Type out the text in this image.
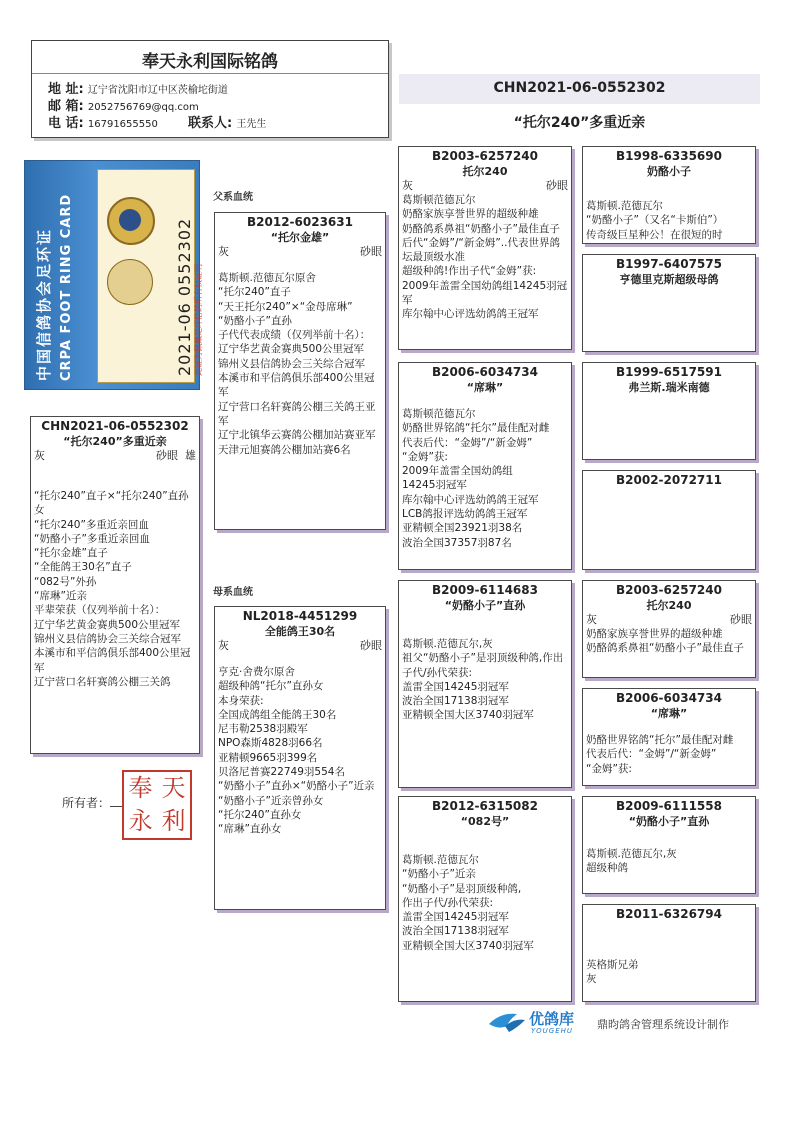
奉天永利国际铭鸽
地 址: 辽宁省沈阳市辽中区茨榆坨街道
邮 箱: 2052756769@qq.com
电 话: 16791655550 联系人: 王先生
CHN2021-06-0552302
“托尔240”多重近亲
中国信鸽协会足环证 CRPA FOOT RING CARD	2021-06 0552302 此证为佩戴足环信鸽所有权证明
CHN2021-06-0552302
“托尔240”多重近亲
灰	砂眼 雄
“托尔240”直子×“托尔240”直孙女
“托尔240”多重近亲回血
“奶酪小子”多重近亲回血
“托尔金雄”直子
“全能鸽王30名”直子
“082号”外孙
“席琳”近亲
平辈荣获（仅列举前十名）：
辽宁华艺黄金赛典500公里冠军
锦州义县信鸽协会三关综合冠军
本溪市和平信鸽俱乐部400公里冠军
辽宁营口名轩赛鸽公棚三关鸽
所有者：
奉 天
永 利
父系血统
母系血统
B2012-6023631
“托尔金雄”
灰	砂眼
葛斯顿.范德瓦尔原舍
“托尔240”直子
“天王托尔240”×“金母席琳”
“奶酪小子”直孙
子代代表成绩（仅列举前十名）：
辽宁华艺黄金赛典500公里冠军
锦州义县信鸽协会三关综合冠军
本溪市和平信鸽俱乐部400公里冠军
辽宁营口名轩赛鸽公棚三关鸽王亚军
辽宁北镇华云赛鸽公棚加站赛亚军
天津元旭赛鸽公棚加站赛6名
NL2018-4451299
全能鸽王30名
灰	砂眼
亨克·舍费尔原舍
超级种鸽“托尔”直孙女
本身荣获:
全国成鸽组全能鸽王30名
尼韦勒2538羽殿军
NPO森斯4828羽66名
亚精顿9665羽399名
贝洛尼普赛22749羽554名
“奶酪小子”直孙×“奶酪小子”近亲
“奶酪小子”近亲曾孙女
“托尔240”直孙女
“席琳”直孙女
B2003-6257240
托尔240
灰	砂眼
葛斯顿范德瓦尔
奶酪家族享誉世界的超级种雄
奶酪鸽系鼻祖“奶酪小子”最佳直子
后代“金姆”/“新金姆”..代表世界鸽坛最顶级水准
超级种鸽!作出子代“金姆”获:
2009年盖雷全国幼鸽组14245羽冠军
库尔翰中心评选幼鸽鸽王冠军
B2006-6034734
“席琳”
葛斯顿范德瓦尔
奶酪世界铭鸽“托尔”最佳配对雌
代表后代：“金姆”/“新金姆”
“金姆”获:
2009年盖雷全国幼鸽组
14245羽冠军
库尔翰中心评选幼鸽鸽王冠军
LCB鸽报评选幼鸽鸽王冠军
亚精顿全国23921羽38名
波治全国37357羽87名
B2009-6114683
“奶酪小子”直孙
葛斯顿.范德瓦尔,灰
祖父“奶酪小子”是羽顶级种鸽,作出子代/孙代荣获:
盖雷全国14245羽冠军
波治全国17138羽冠军
亚精顿全国大区3740羽冠军
B2012-6315082
“082号”
葛斯顿.范德瓦尔
“奶酪小子”近亲
“奶酪小子”是羽顶级种鸽,
作出子代/孙代荣获:
盖雷全国14245羽冠军
波治全国17138羽冠军
亚精顿全国大区3740羽冠军
B1998-6335690
奶酪小子
葛斯顿.范德瓦尔
“奶酪小子”（又名“卡斯伯”）
传奇级巨星种公！在很短的时
B1997-6407575
亨德里克斯超级母鸽
B1999-6517591
弗兰斯.瑞米南德
B2002-2072711
B2003-6257240
托尔240
灰	砂眼
奶酪家族享誉世界的超级种雄
奶酪鸽系鼻祖“奶酪小子”最佳直子
B2006-6034734
“席琳”
奶酪世界铭鸽“托尔”最佳配对雌
代表后代：“金姆”/“新金姆”
“金姆”获:
B2009-6111558
“奶酪小子”直孙
葛斯顿.范德瓦尔,灰
超级种鸽
B2011-6326794
英格斯兄弟
灰
优鸽库
YOUGEHU 鼎昀鸽舍管理系统设计制作
